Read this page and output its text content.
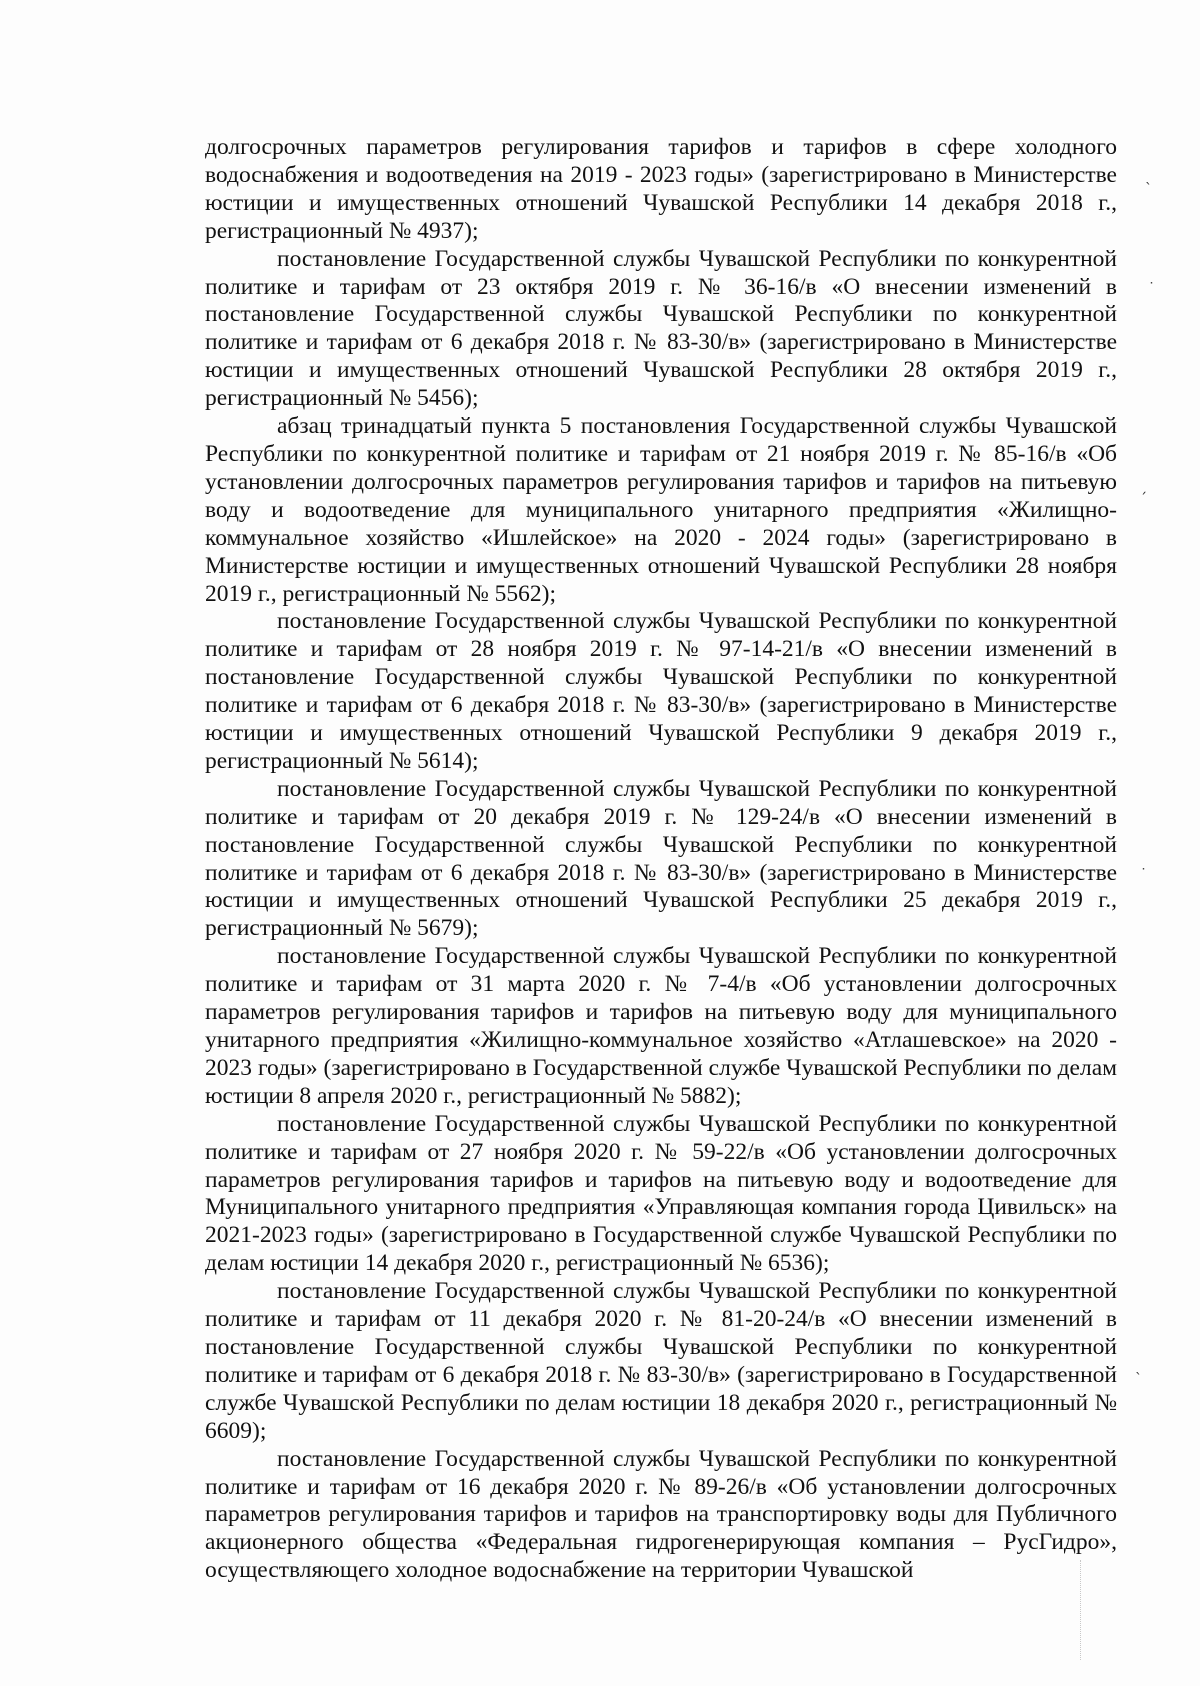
долгосрочных параметров регулирования тарифов и тарифов в сфере холодного водоснабжения и водоотведения на 2019 - 2023 годы» (зарегистрировано в Министерстве юстиции и имущественных отношений Чувашской Республики 14 декабря 2018 г., регистрационный № 4937);

постановление Государственной службы Чувашской Республики по конкурентной политике и тарифам от 23 октября 2019 г. № 36-16/в «О внесении изменений в постановление Государственной службы Чувашской Республики по конкурентной политике и тарифам от 6 декабря 2018 г. № 83-30/в» (зарегистрировано в Министерстве юстиции и имущественных отношений Чувашской Республики 28 октября 2019 г., регистрационный № 5456);

абзац тринадцатый пункта 5 постановления Государственной службы Чувашской Республики по конкурентной политике и тарифам от 21 ноября 2019 г. № 85-16/в «Об установлении долгосрочных параметров регулирования тарифов и тарифов на питьевую воду и водоотведение для муниципального унитарного предприятия «Жилищно-коммунальное хозяйство «Ишлейское» на 2020 - 2024 годы» (зарегистрировано в Министерстве юстиции и имущественных отношений Чувашской Республики 28 ноября 2019 г., регистрационный № 5562);

постановление Государственной службы Чувашской Республики по конкурентной политике и тарифам от 28 ноября 2019 г. № 97-14-21/в «О внесении изменений в постановление Государственной службы Чувашской Республики по конкурентной политике и тарифам от 6 декабря 2018 г. № 83-30/в» (зарегистрировано в Министерстве юстиции и имущественных отношений Чувашской Республики 9 декабря 2019 г., регистрационный № 5614);

постановление Государственной службы Чувашской Республики по конкурентной политике и тарифам от 20 декабря 2019 г. № 129-24/в «О внесении изменений в постановление Государственной службы Чувашской Республики по конкурентной политике и тарифам от 6 декабря 2018 г. № 83-30/в» (зарегистрировано в Министерстве юстиции и имущественных отношений Чувашской Республики 25 декабря 2019 г., регистрационный № 5679);

постановление Государственной службы Чувашской Республики по конкурентной политике и тарифам от 31 марта 2020 г. № 7-4/в «Об установлении долгосрочных параметров регулирования тарифов и тарифов на питьевую воду для муниципального унитарного предприятия «Жилищно-коммунальное хозяйство «Атлашевское» на 2020 - 2023 годы» (зарегистрировано в Государственной службе Чувашской Республики по делам юстиции 8 апреля 2020 г., регистрационный № 5882);

постановление Государственной службы Чувашской Республики по конкурентной политике и тарифам от 27 ноября 2020 г. № 59-22/в «Об установлении долгосрочных параметров регулирования тарифов и тарифов на питьевую воду и водоотведение для Муниципального унитарного предприятия «Управляющая компания города Цивильск» на 2021-2023 годы» (зарегистрировано в Государственной службе Чувашской Республики по делам юстиции 14 декабря 2020 г., регистрационный № 6536);

постановление Государственной службы Чувашской Республики по конкурентной политике и тарифам от 11 декабря 2020 г. № 81-20-24/в «О внесении изменений в постановление Государственной службы Чувашской Республики по конкурентной политике и тарифам от 6 декабря 2018 г. № 83-30/в» (зарегистрировано в Государственной службе Чувашской Республики по делам юстиции 18 декабря 2020 г., регистрационный № 6609);

постановление Государственной службы Чувашской Республики по конкурентной политике и тарифам от 16 декабря 2020 г. № 89-26/в «Об установлении долгосрочных параметров регулирования тарифов и тарифов на транспортировку воды для Публичного акционерного общества «Федеральная гидрогенерирующая компания – РусГидро», осуществляющего холодное водоснабжение на территории Чувашской

ˎ
˙
ˏ
˙
ˎ
